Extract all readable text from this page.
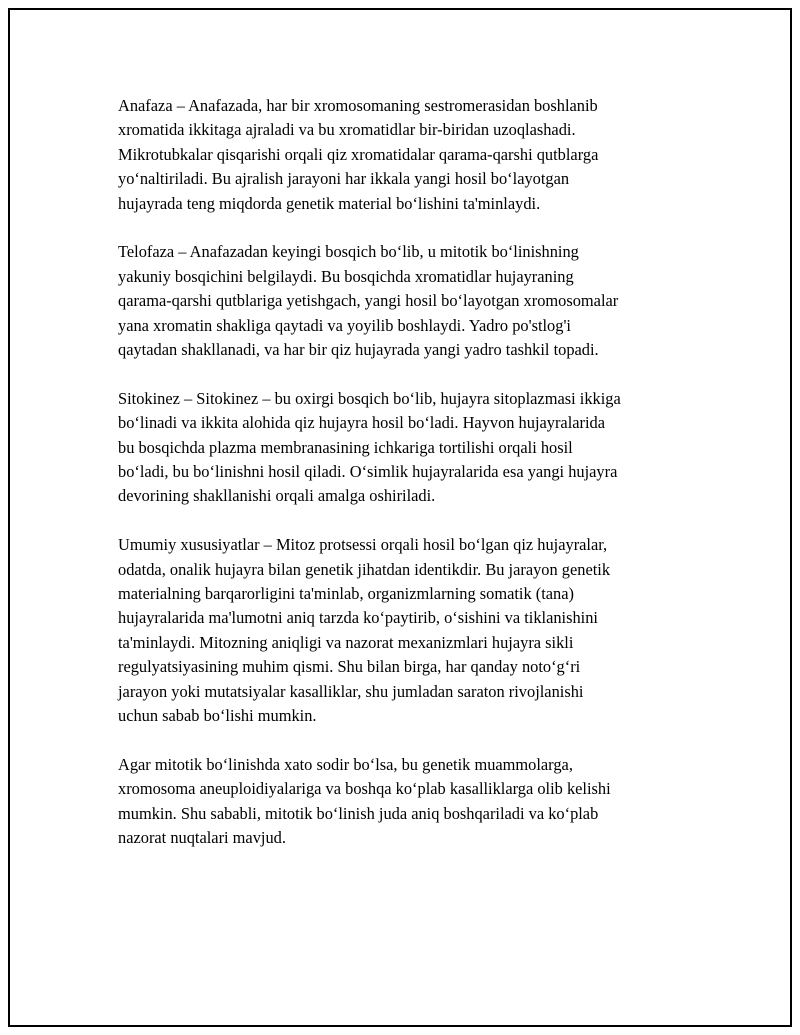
Anafaza – Anafazada, har bir xromosomaning sestromerasidan boshlanib
xromatida ikkitaga ajraladi va bu xromatidlar bir-biridan uzoqlashadi.
Mikrotubkalar qisqarishi orqali qiz xromatidalar qarama-qarshi qutblarga
yo‘naltiriladi. Bu ajralish jarayoni har ikkala yangi hosil bo‘layotgan
hujayrada teng miqdorda genetik material bo‘lishini ta'minlaydi.

Telofaza – Anafazadan keyingi bosqich bo‘lib, u mitotik bo‘linishning
yakuniy bosqichini belgilaydi. Bu bosqichda xromatidlar hujayraning
qarama-qarshi qutblariga yetishgach, yangi hosil bo‘layotgan xromosomalar
yana xromatin shakliga qaytadi va yoyilib boshlaydi. Yadro po'stlog'i
qaytadan shakllanadi, va har bir qiz hujayrada yangi yadro tashkil topadi.

Sitokinez – Sitokinez – bu oxirgi bosqich bo‘lib, hujayra sitoplazmasi ikkiga
bo‘linadi va ikkita alohida qiz hujayra hosil bo‘ladi. Hayvon hujayralarida
bu bosqichda plazma membranasining ichkariga tortilishi orqali hosil
bo‘ladi, bu bo‘linishni hosil qiladi. O‘simlik hujayralarida esa yangi hujayra
devorining shakllanishi orqali amalga oshiriladi.

Umumiy xususiyatlar – Mitoz protsessi orqali hosil bo‘lgan qiz hujayralar,
odatda, onalik hujayra bilan genetik jihatdan identikdir. Bu jarayon genetik
materialning barqarorligini ta'minlab, organizmlarning somatik (tana)
hujayralarida ma'lumotni aniq tarzda ko‘paytirib, o‘sishini va tiklanishini
ta'minlaydi. Mitozning aniqligi va nazorat mexanizmlari hujayra sikli
regulyatsiyasining muhim qismi. Shu bilan birga, har qanday noto‘g‘ri
jarayon yoki mutatsiyalar kasalliklar, shu jumladan saraton rivojlanishi
uchun sabab bo‘lishi mumkin.

Agar mitotik bo‘linishda xato sodir bo‘lsa, bu genetik muammolarga,
xromosoma aneuploidiyalariga va boshqa ko‘plab kasalliklarga olib kelishi
mumkin. Shu sababli, mitotik bo‘linish juda aniq boshqariladi va ko‘plab
nazorat nuqtalari mavjud.
